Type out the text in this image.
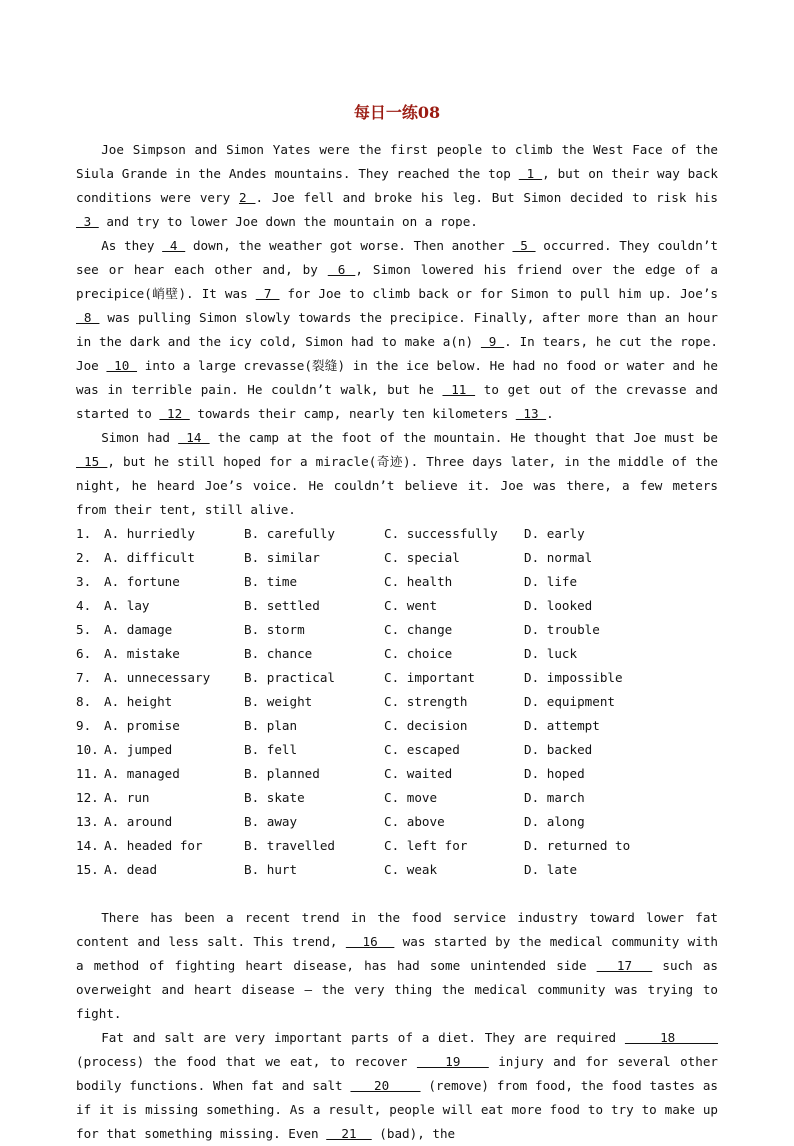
每日一练08

Joe Simpson and Simon Yates were the first people to climb the West Face of the Siula Grande in the Andes mountains. They reached the top  1 , but on their way back conditions were very 2 . Joe fell and broke his leg. But Simon decided to risk his  3  and try to lower Joe down the mountain on a rope.

As they  4  down, the weather got worse. Then another  5  occurred. They couldn’t see or hear each other and, by  6 , Simon lowered his friend over the edge of a precipice(峭壁). It was  7  for Joe to climb back or for Simon to pull him up. Joe’s  8  was pulling Simon slowly towards the precipice. Finally, after more than an hour in the dark and the icy cold, Simon had to make a(n)  9 . In tears, he cut the rope. Joe  10  into a large crevasse(裂缝) in the ice below. He had no food or water and he was in terrible pain. He couldn’t walk, but he  11  to get out of the crevasse and started to  12  towards their camp, nearly ten kilometers  13 .

Simon had  14  the camp at the foot of the mountain. He thought that Joe must be  15 , but he still hoped for a miracle(奇迹). Three days later, in the middle of the night, he heard Joe’s voice. He couldn’t believe it. Joe was there, a few meters from their tent, still alive.

1.	A. hurriedly	B. carefully	C. successfully	D. early
2.	A. difficult	B. similar	C. special	D. normal
3.	A. fortune	B. time	C. health	D. life
4.	A. lay	B. settled	C. went	D. looked
5.	A. damage	B. storm	C. change	D. trouble
6.	A. mistake	B. chance	C. choice	D. luck
7.	A. unnecessary	B. practical	C. important	D. impossible
8.	A. height	B. weight	C. strength	D. equipment
9.	A. promise	B. plan	C. decision	D. attempt
10. A. jumped	B. fell	C. escaped	D. backed
11. A. managed	B. planned	C. waited	D. hoped
12. A. run	B. skate	C. move	D. march
13. A. around	B. away	C. above	D. along
14. A. headed for	B. travelled	C. left for	D. returned to
15. A. dead	B. hurt	C. weak	D. late

There has been a recent trend in the food service industry toward lower fat content and less salt. This trend,   16   was started by the medical community with a method of fighting heart disease, has had some unintended side   17   such as overweight and heart disease — the very thing the medical community was trying to fight.

Fat and salt are very important parts of a diet. They are required     18      (process) the food that we eat, to recover    19    injury and for several other bodily functions. When fat and salt    20     (remove) from food, the food tastes as if it is missing something. As a result, people will eat more food to try to make up for that something missing. Even   21   (bad), the
